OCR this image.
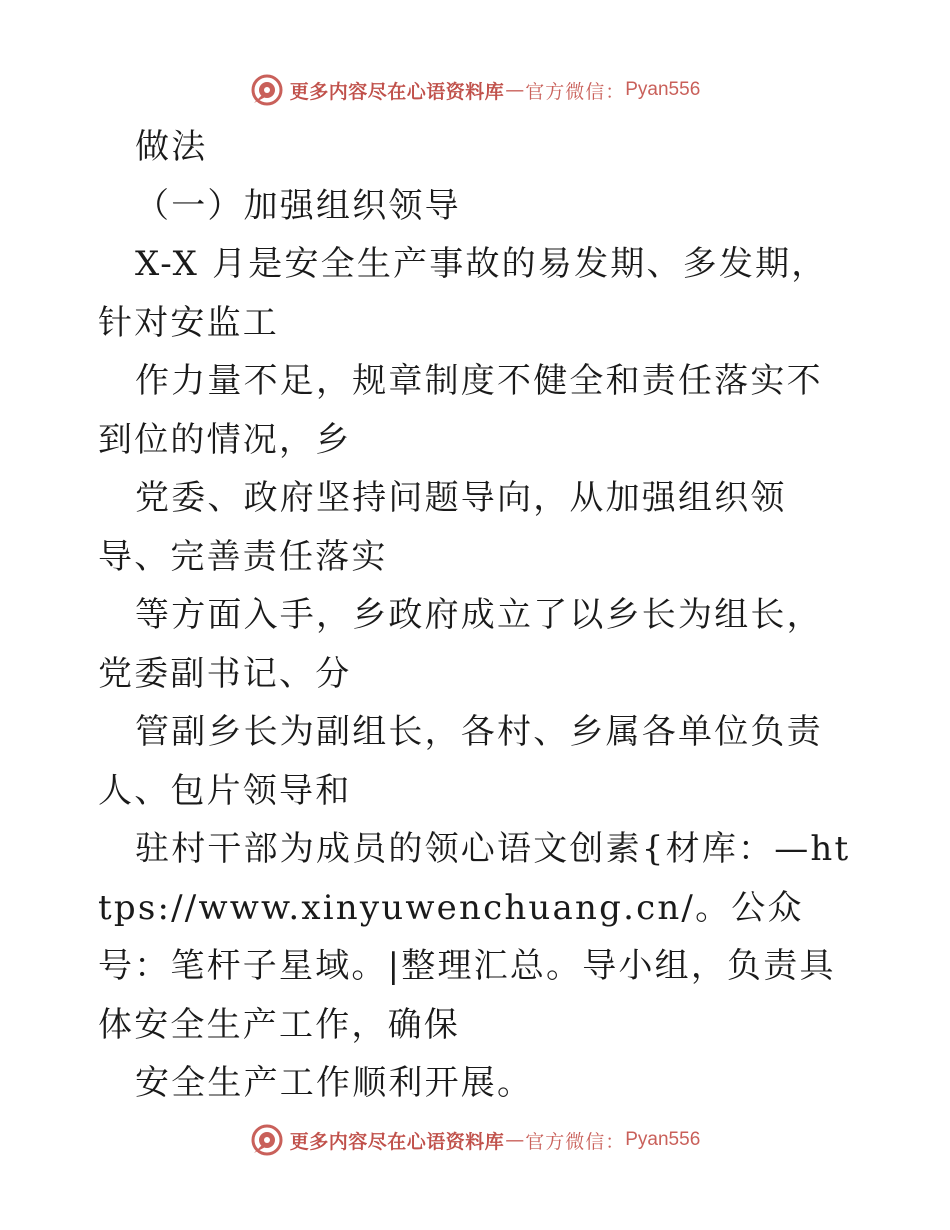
更多内容尽在心语资料库 — 官方微信： Pyan556

做法

（一）加强组织领导

X-X 月是安全生产事故的易发期、多发期，针对安监工

作力量不足，规章制度不健全和责任落实不到位的情况，乡

党委、政府坚持问题导向，从加强组织领导、完善责任落实

等方面入手，乡政府成立了以乡长为组长，党委副书记、分

管副乡长为副组长，各村、乡属各单位负责人、包片领导和

驻村干部为成员的领心语文创素{材库：—https://www.xinyuwenchuang.cn/。公众号：笔杆子星域。|整理汇总。导小组，负责具体安全生产工作，确保

安全生产工作顺利开展。

更多内容尽在心语资料库 — 官方微信： Pyan556
